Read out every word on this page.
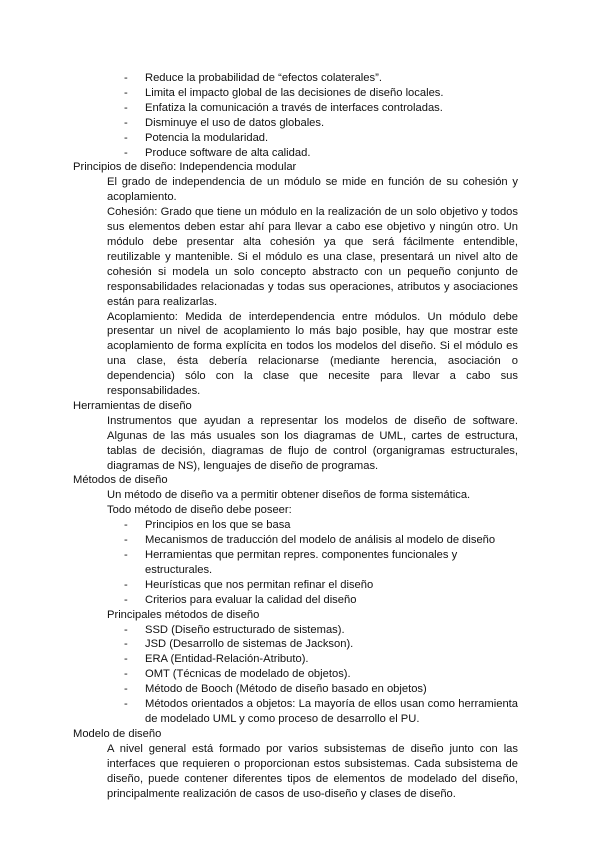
- Reduce la probabilidad de “efectos colaterales”.
- Limita el impacto global de las decisiones de diseño locales.
- Enfatiza la comunicación a través de interfaces controladas.
- Disminuye el uso de datos globales.
- Potencia la modularidad.
- Produce software de alta calidad.

Principios de diseño: Independencia modular

El grado de independencia de un módulo se mide en función de su cohesión y acoplamiento.

Cohesión: Grado que tiene un módulo en la realización de un solo objetivo y todos sus elementos deben estar ahí para llevar a cabo ese objetivo y ningún otro. Un módulo debe presentar alta cohesión ya que será fácilmente entendible, reutilizable y mantenible. Si el módulo es una clase, presentará un nivel alto de cohesión si modela un solo concepto abstracto con un pequeño conjunto de responsabilidades relacionadas y todas sus operaciones, atributos y asociaciones están para realizarlas.

Acoplamiento: Medida de interdependencia entre módulos. Un módulo debe presentar un nivel de acoplamiento lo más bajo posible, hay que mostrar este acoplamiento de forma explícita en todos los modelos del diseño. Si el módulo es una clase, ésta debería relacionarse (mediante herencia, asociación o dependencia) sólo con la clase que necesite para llevar a cabo sus responsabilidades.

Herramientas de diseño

Instrumentos que ayudan a representar los modelos de diseño de software. Algunas de las más usuales son los diagramas de UML, cartes de estructura, tablas de decisión, diagramas de flujo de control (organigramas estructurales, diagramas de NS), lenguajes de diseño de programas.

Métodos de diseño

Un método de diseño va a permitir obtener diseños de forma sistemática.

Todo método de diseño debe poseer:

- Principios en los que se basa
- Mecanismos de traducción del modelo de análisis al modelo de diseño
- Herramientas que permitan repres. componentes funcionales y estructurales.
- Heurísticas que nos permitan refinar el diseño
- Criterios para evaluar la calidad del diseño

Principales métodos de diseño

- SSD (Diseño estructurado de sistemas).
- JSD (Desarrollo de sistemas de Jackson).
- ERA (Entidad-Relación-Atributo).
- OMT (Técnicas de modelado de objetos).
- Método de Booch (Método de diseño basado en objetos)
- Métodos orientados a objetos: La mayoría de ellos usan como herramienta de modelado UML y como proceso de desarrollo el PU.

Modelo de diseño

A nivel general está formado por varios subsistemas de diseño junto con las interfaces que requieren o proporcionan estos subsistemas. Cada subsistema de diseño, puede contener diferentes tipos de elementos de modelado del diseño, principalmente realización de casos de uso-diseño y clases de diseño.
